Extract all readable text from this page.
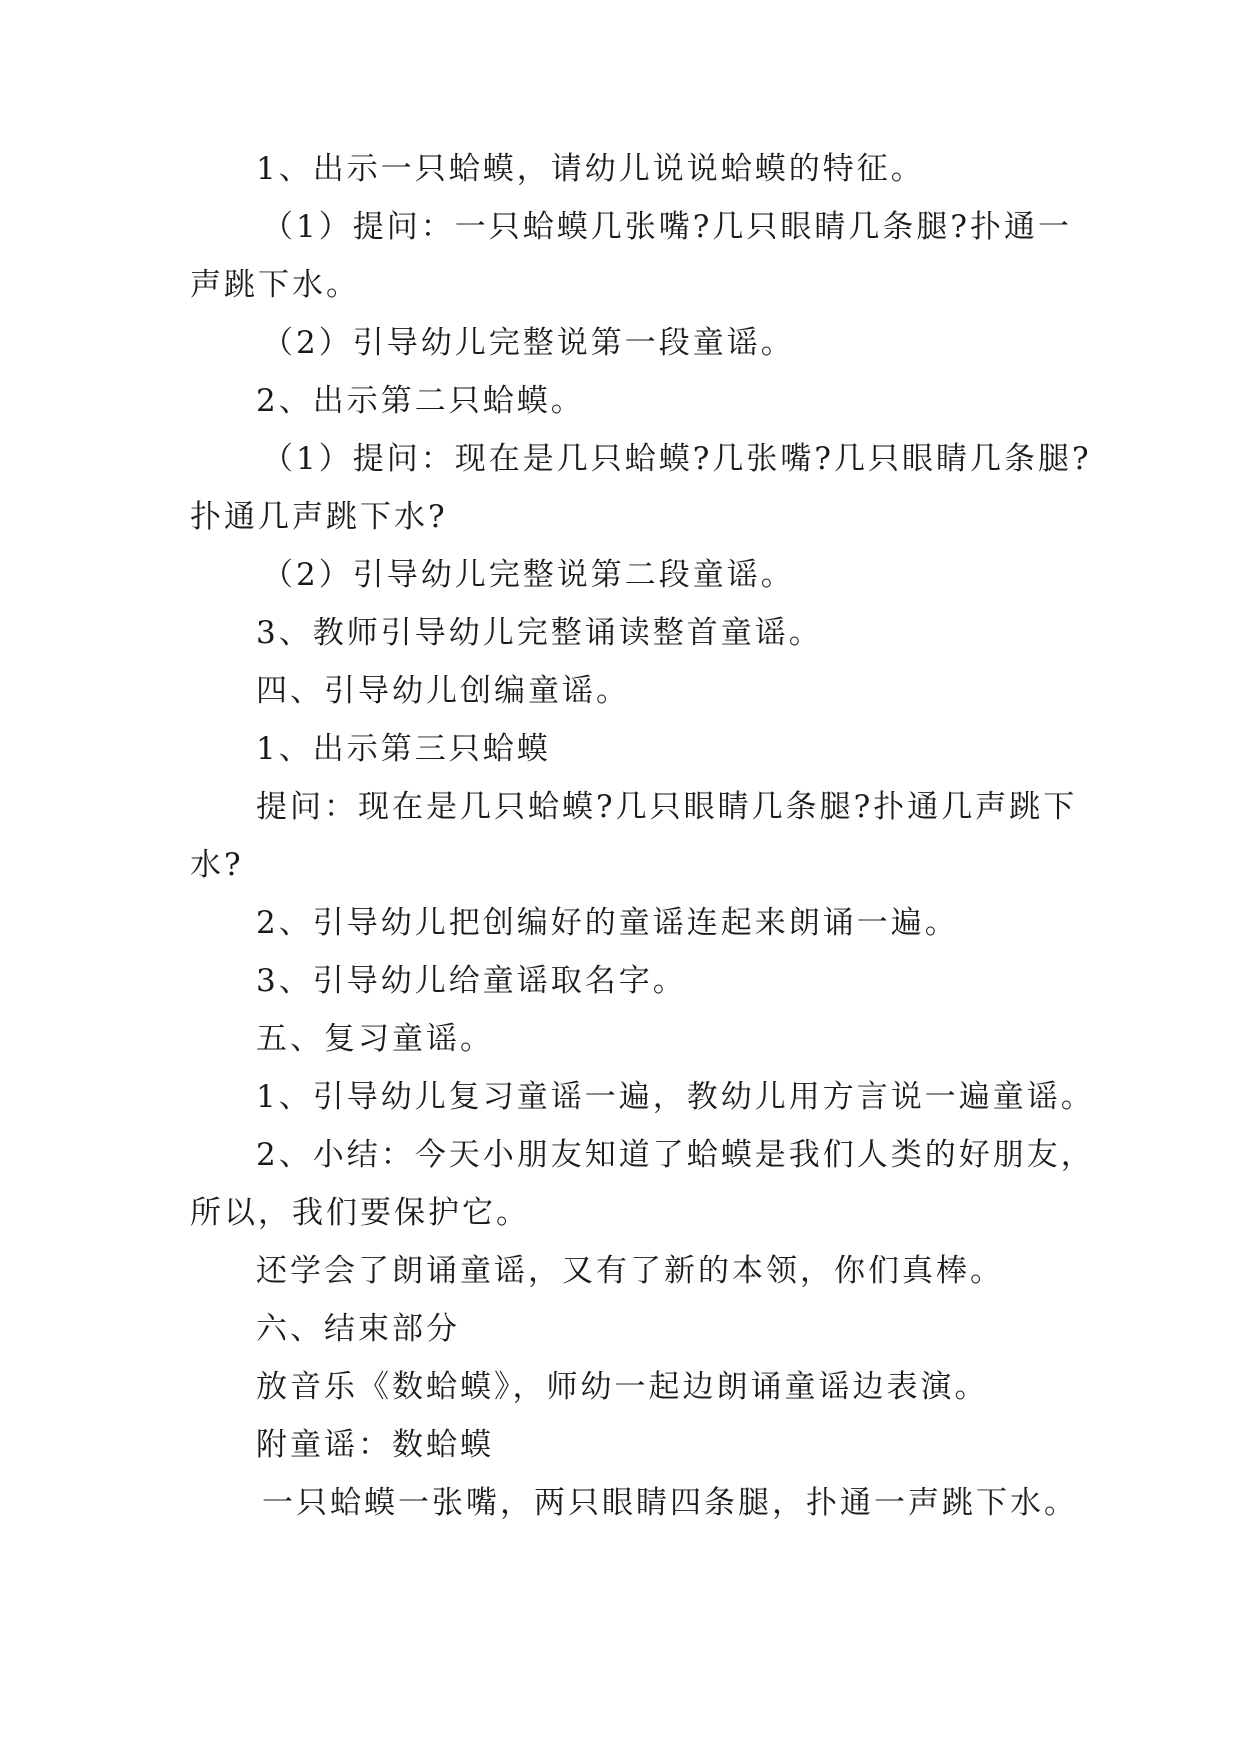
1、出示一只蛤蟆，请幼儿说说蛤蟆的特征。

（1）提问：一只蛤蟆几张嘴?几只眼睛几条腿?扑通一

声跳下水。

（2）引导幼儿完整说第一段童谣。

2、出示第二只蛤蟆。

（1）提问：现在是几只蛤蟆?几张嘴?几只眼睛几条腿?

扑通几声跳下水?

（2）引导幼儿完整说第二段童谣。

3、教师引导幼儿完整诵读整首童谣。

四、引导幼儿创编童谣。

1、出示第三只蛤蟆

提问：现在是几只蛤蟆?几只眼睛几条腿?扑通几声跳下

水?

2、引导幼儿把创编好的童谣连起来朗诵一遍。

3、引导幼儿给童谣取名字。

五、复习童谣。

1、引导幼儿复习童谣一遍，教幼儿用方言说一遍童谣。

2、小结：今天小朋友知道了蛤蟆是我们人类的好朋友，

所以，我们要保护它。

还学会了朗诵童谣，又有了新的本领，你们真棒。

六、结束部分

放音乐《数蛤蟆》，师幼一起边朗诵童谣边表演。

附童谣：数蛤蟆

一只蛤蟆一张嘴，两只眼睛四条腿，扑通一声跳下水。
